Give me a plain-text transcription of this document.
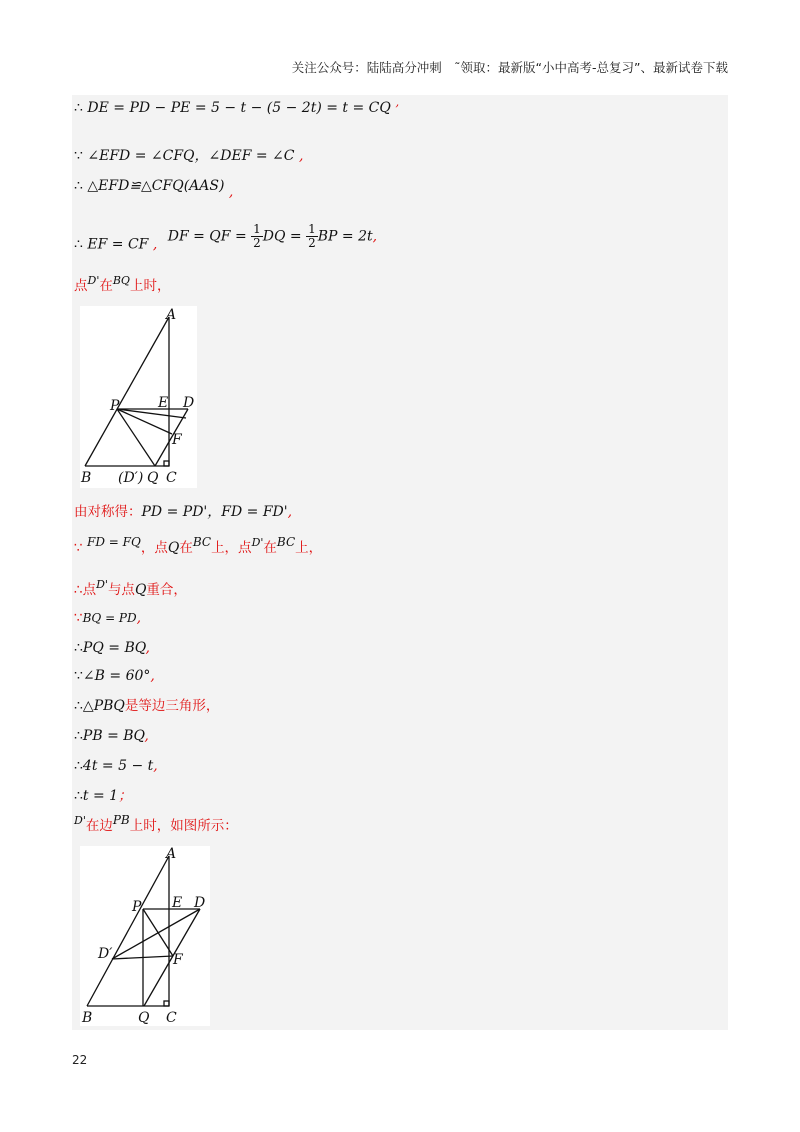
关注公众号：陆陆高分冲刺　˜领取：最新版“小中高考-总复习”、最新试卷下载
∴ DE = PD − PE = 5 − t − (5 − 2t) = t = CQ ,
∵ ∠EFD = ∠CFQ，∠DEF = ∠C ,
∴ △EFD≌△CFQ(AAS) ,
∴ EF = CF , DF = QF = $\frac{1}{2}$ DQ = $\frac{1}{2}$ BP = 2t,
点$^{D'}$在$^{BQ}$上时，
A
P	E D
F
B (D′) Q C
由对称得：PD = PD'，FD = FD',
∵ FD = FQ，点Q在BC上，点$^{D'}$在BC上，
∴点$^{D'}$与点Q重合，
∵BQ = PD,
∴PQ = BQ,
∵∠B = 60°,
∴△PBQ是等边三角形，
∴PB = BQ,
∴4t = 5 − t,
∴t = 1；
$^{D'}$在边PB上时，如图所示：
A
P E D
D′	F
B	Q C
22
